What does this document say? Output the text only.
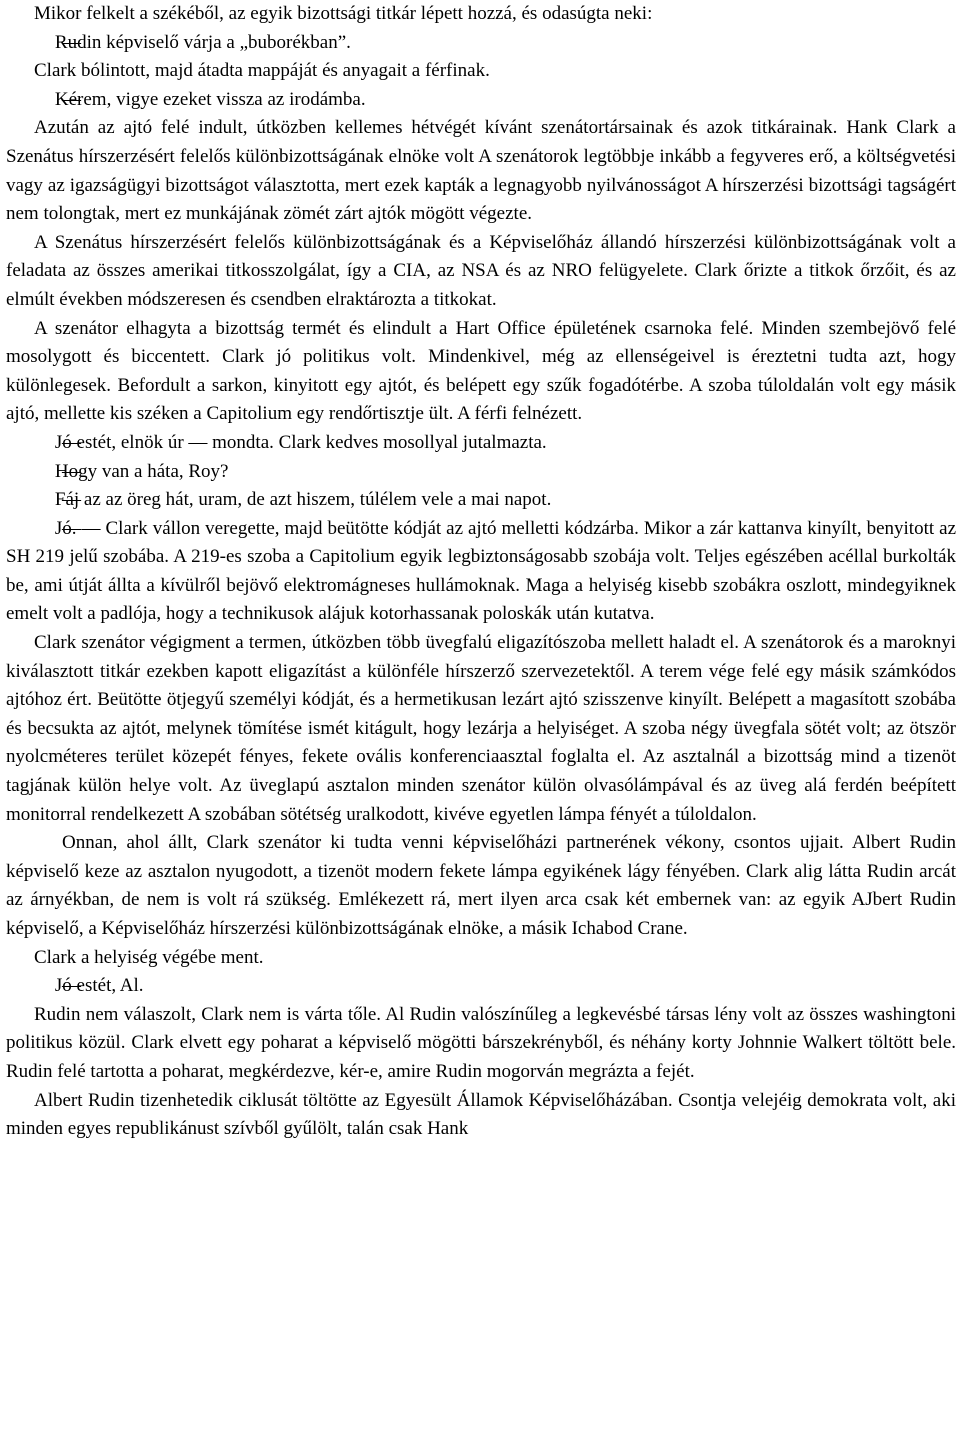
Mikor felkelt a székéből, az egyik bizottsági titkár lépett hozzá, és odasúgta neki:

— Rudin képviselő várja a „buborékban”.

Clark bólintott, majd átadta mappáját és anyagait a férfinak.

— Kérem, vigye ezeket vissza az irodámba.

Azután az ajtó felé indult, útközben kellemes hétvégét kívánt szenátortársainak és azok titkárainak. Hank Clark a Szenátus hírszerzésért felelős különbizottságának elnöke volt A szenátorok legtöbbje inkább a fegyveres erő, a költségvetési vagy az igazságügyi bizottságot választotta, mert ezek kapták a legnagyobb nyilvánosságot A hírszerzési bizottsági tagságért nem tolongtak, mert ez munkájának zömét zárt ajtók mögött végezte.

A Szenátus hírszerzésért felelős különbizottságának és a Képviselőház állandó hírszerzési különbizottságának volt a feladata az összes amerikai titkosszolgálat, így a CIA, az NSA és az NRO felügyelete. Clark őrizte a titkok őrzőit, és az elmúlt években módszeresen és csendben elraktározta a titkokat.

A szenátor elhagyta a bizottság termét és elindult a Hart Office épületének csarnoka felé. Minden szembejövő felé mosolygott és biccentett. Clark jó politikus volt. Mindenkivel, még az ellenségeivel is éreztetni tudta azt, hogy különlegesek. Befordult a sarkon, kinyitott egy ajtót, és belépett egy szűk fogadótérbe. A szoba túloldalán volt egy másik ajtó, mellette kis széken a Capitolium egy rendőrtisztje ült. A férfi felnézett.

— Jó estét, elnök úr — mondta. Clark kedves mosollyal jutalmazta.

— Hogy van a háta, Roy?

— Fáj az az öreg hát, uram, de azt hiszem, túlélem vele a mai napot.

— Jó. — Clark vállon veregette, majd beütötte kódját az ajtó melletti kódzárba. Mikor a zár kattanva kinyílt, benyitott az SH 219 jelű szobába. A 219-es szoba a Capitolium egyik legbiztonságosabb szobája volt. Teljes egészében acéllal burkolták be, ami útját állta a kívülről bejövő elektromágneses hullámoknak. Maga a helyiség kisebb szobákra oszlott, mindegyiknek emelt volt a padlója, hogy a technikusok alájuk kotorhassanak poloskák után kutatva.

Clark szenátor végigment a termen, útközben több üvegfalú eligazítószoba mellett haladt el. A szenátorok és a maroknyi kiválasztott titkár ezekben kapott eligazítást a különféle hírszerző szervezetektől. A terem vége felé egy másik számkódos ajtóhoz ért. Beütötte ötjegyű személyi kódját, és a hermetikusan lezárt ajtó szisszenve kinyílt. Belépett a magasított szobába és becsukta az ajtót, melynek tömítése ismét kitágult, hogy lezárja a helyiséget. A szoba négy üvegfala sötét volt; az ötször nyolcméteres terület közepét fényes, fekete ovális konferenciaasztal foglalta el. Az asztalnál a bizottság mind a tizenöt tagjának külön helye volt. Az üveglapú asztalon minden szenátor külön olvasólámpával és az üveg alá ferdén beépített monitorral rendelkezett A szobában sötétség uralkodott, kivéve egyetlen lámpa fényét a túloldalon.

Onnan, ahol állt, Clark szenátor ki tudta venni képviselőházi partnerének vékony, csontos ujjait. Albert Rudin képviselő keze az asztalon nyugodott, a tizenöt modern fekete lámpa egyikének lágy fényében. Clark alig látta Rudin arcát az árnyékban, de nem is volt rá szükség. Emlékezett rá, mert ilyen arca csak két embernek van: az egyik AJbert Rudin képviselő, a Képviselőház hírszerzési különbizottságának elnöke, a másik Ichabod Crane.

Clark a helyiség végébe ment.

— Jó estét, Al.

Rudin nem válaszolt, Clark nem is várta tőle. Al Rudin valószínűleg a legkevésbé társas lény volt az összes washingtoni politikus közül. Clark elvett egy poharat a képviselő mögötti bárszekrényből, és néhány korty Johnnie Walkert töltött bele. Rudin felé tartotta a poharat, megkérdezve, kér-e, amire Rudin mogorván megrázta a fejét.

Albert Rudin tizenhetedik ciklusát töltötte az Egyesült Államok Képviselőházában. Csontja velejéig demokrata volt, aki minden egyes republikánust szívből gyűlölt, talán csak Hank
